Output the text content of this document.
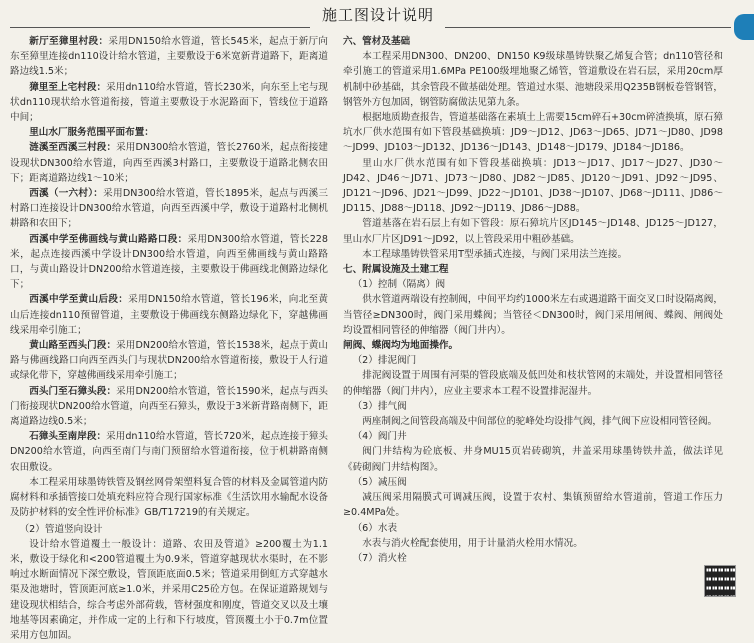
施工图设计说明

新厅至獐里村段：采用DN150给水管道，管长545米，起点于新厅向东至獐里连接dn110设计给水管道，主要敷设于6米宽新背道路下，距离道路边线1.5米；

獐里至上宅村段：采用dn110给水管道，管长230米，向东至上宅与现状dn110现状给水管道衔接，管道主要敷设于水泥路面下，管线位于道路中间；

里山水厂服务范围平面布置：

涟溪至西溪三村段：采用DN300给水管道，管长2760米，起点衔接建设现状DN300给水管道，向西至西溪3村路口，主要敷设于道路北侧农田下；距离道路边线1～10米；

西溪（一六村）：采用DN300给水管道，管长1895米，起点与西溪三村路口连接设计DN300给水管道，向西至西溪中学，敷设于道路村北侧机耕路和农田下；

西溪中学至佛画线与黄山路路口段：采用DN300给水管道，管长228米，起点连接西溪中学设计DN300给水管道，向西至佛画线与黄山路路口，与黄山路设计DN200给水管道连接，主要敷设于佛画线北侧路边绿化下；

西溪中学至黄山后段：采用DN150给水管道，管长196米，向北至黄山后连接dn110预留管道，主要敷设于佛画线东侧路边绿化下，穿越佛画线采用牵引施工；

黄山路至西头门段：采用DN200给水管道，管长1538米，起点于黄山路与佛画线路口向西至西头门与现状DN200给水管道衔接，敷设于人行道或绿化带下，穿越佛画线采用牵引施工；

西头门至石獐头段：采用DN200给水管道，管长1590米，起点与西头门衔接现状DN200给水管道，向西至石獐头，敷设于3米新背路南侧下，距离道路边线0.5米；

石獐头至南岸段：采用dn110给水管道，管长720米，起点连接于獐头DN200给水管道，向西至南门与南门预留给水管道衔接，位于机耕路南侧农田敷设。

本工程采用球墨铸铁管及钢丝网骨架塑料复合管的材料及金属管道内防腐材料和承插管接口处填充料应符合现行国家标准《生活饮用水输配水设备及防护材料的安全性评价标准》GB/T17219的有关规定。

（2）管道竖向设计

设计给水管道覆土一般设计：道路、农田及管道》≥200覆土为1.1米，敷设于绿化和<200管道覆土为0.9米，管道穿越现状水渠时，在不影响过水断面情况下深空敷设，管顶距底面0.5米；管道采用倒虹方式穿越水渠及池塘时，管顶距河底≥1.0米，并采用C25砼方包。在保证道路规划与建设现状相结合，综合考虑外部荷载，管材强度和刚度，管道交叉以及土壤地基等因素确定，并作成一定的上行和下行坡度，管顶覆土小于0.7m位置采用方包加固。

六、管材及基础

本工程采用DN300、DN200、DN150 K9级球墨铸铁聚乙烯复合管；dn110管径和牵引施工的管道采用1.6MPa PE100级埋地聚乙烯管，管道敷设在岩石层，采用20cm厚机制中砂基础，其余管段不做基础处理。管道过水渠、池塘段采用Q235B钢板卷管钢管，钢管外方包加固，钢管防腐做法见第九条。

根据地质勘查报告，管道基础落在素填土上需要15cm碎石+30cm碎渣换填，原石獐坑水厂供水范围有如下管段基础换填：JD9～JD12、JD63～JD65、JD71～JD80、JD98～JD99、JD103～JD132、JD136～JD143、JD148～JD179、JD184～JD186。

里山水厂供水范围有如下管段基础换填：JD13～JD17、JD17～JD27、JD30～JD42、JD46～JD71、JD73～JD80、JD82～JD85、JD120～JD91、JD92～JD95、JD121～JD96、JD21～JD99、JD22～JD101、JD38～JD107、JD68～JD111、JD86～JD115、JD88～JD118、JD92～JD119、JD86～JD88。

管道基落在岩石层上有如下管段：原石獐坑片区JD145～JD148、JD125～JD127，里山水厂片区JD91～JD92，以上管段采用中粗砂基础。

本工程球墨铸铁管采用T型承插式连接，与阀门采用法兰连接。

七、附属设施及土建工程

（1）控制（隔离）阀

供水管道两端设有控制阀，中间平均约1000米左右或遇道路干面交叉口时设隔离阀，当管径≥DN300时，阀门采用蝶阀；当管径＜DN300时，阀门采用闸阀、蝶阀、闸阀处均设置相同管径的伸缩器（阀门井内）。

闸阀、蝶阀均为地面操作。

（2）排泥阀门

排泥阀设置于周围有河渠的管段底端及低凹处和枝状管网的末端处，并设置相同管径的伸缩器（阀门井内），应业主要求本工程不设置排泥湿井。

（3）排气阀

两座制阀之间管段高端及中间部位的驼峰处均设排气阀，排气阀下应设相同管径阀。

（4）阀门井

阀门井结构为砼底板、井身MU15页岩砖砌筑，井盖采用球墨铸铁井盖，做法详见《砖砌阀门井结构图》。

（5）减压阀

减压阀采用隔膜式可调减压阀，设置于农村、集镇预留给水管道前，管道工作压力≥0.4MPa处。

（6）水表

水表与消火栓配套使用，用于计量消火栓用水情况。

（7）消火栓
